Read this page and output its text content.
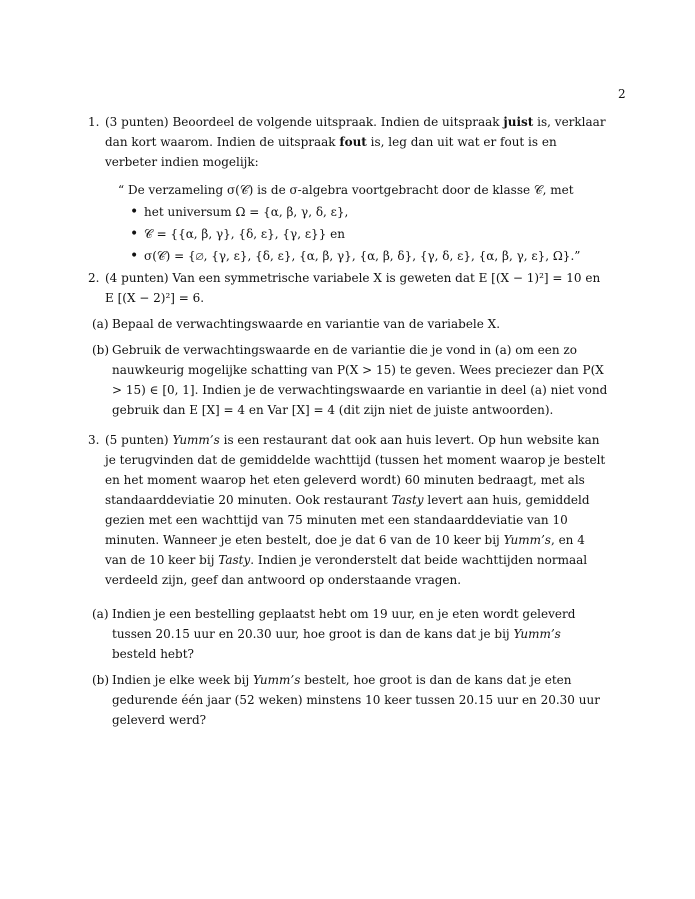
2
1. (3 punten) Beoordeel de volgende uitspraak. Indien de uitspraak juist is, verklaar dan kort waarom. Indien de uitspraak fout is, leg dan uit wat er fout is en verbeter indien mogelijk:
“ De verzameling σ(𝒞) is de σ-algebra voortgebracht door de klasse 𝒞, met
• het universum Ω = {α, β, γ, δ, ε},
• 𝒞 = {{α, β, γ}, {δ, ε}, {γ, ε}} en
• σ(𝒞) = {∅, {γ, ε}, {δ, ε}, {α, β, γ}, {α, β, δ}, {γ, δ, ε}, {α, β, γ, ε}, Ω}.”
2. (4 punten) Van een symmetrische variabele X is geweten dat E [(X − 1)²] = 10 en E [(X − 2)²] = 6.
(a) Bepaal de verwachtingswaarde en variantie van de variabele X.
(b) Gebruik de verwachtingswaarde en de variantie die je vond in (a) om een zo nauwkeurig mogelijke schatting van P(X > 15) te geven. Wees preciezer dan P(X > 15) ∈ [0, 1]. Indien je de verwachtingswaarde en variantie in deel (a) niet vond gebruik dan E [X] = 4 en Var [X] = 4 (dit zijn niet de juiste antwoorden).
3. (5 punten) Yumm’s is een restaurant dat ook aan huis levert. Op hun website kan je terugvinden dat de gemiddelde wachttijd (tussen het moment waarop je bestelt en het moment waarop het eten geleverd wordt) 60 minuten bedraagt, met als standaarddeviatie 20 minuten. Ook restaurant Tasty levert aan huis, gemiddeld gezien met een wachttijd van 75 minuten met een standaarddeviatie van 10 minuten. Wanneer je eten bestelt, doe je dat 6 van de 10 keer bij Yumm’s, en 4 van de 10 keer bij Tasty. Indien je veronderstelt dat beide wachttijden normaal verdeeld zijn, geef dan antwoord op onderstaande vragen.
(a) Indien je een bestelling geplaatst hebt om 19 uur, en je eten wordt geleverd tussen 20.15 uur en 20.30 uur, hoe groot is dan de kans dat je bij Yumm’s besteld hebt?
(b) Indien je elke week bij Yumm’s bestelt, hoe groot is dan de kans dat je eten gedurende één jaar (52 weken) minstens 10 keer tussen 20.15 uur en 20.30 uur geleverd werd?
